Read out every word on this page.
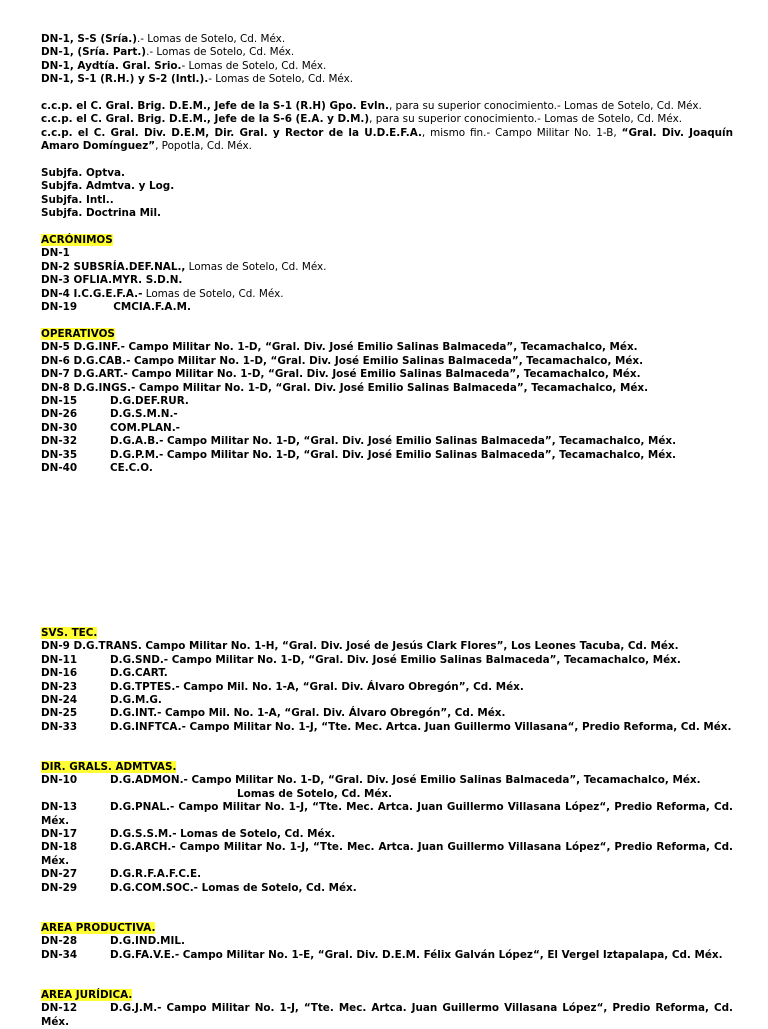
DN-1, S-S (Sría.).- Lomas de Sotelo, Cd. Méx.
DN-1, (Sría. Part.).- Lomas de Sotelo, Cd. Méx.
DN-1, Aydtía. Gral. Srio.- Lomas de Sotelo, Cd. Méx.
DN-1, S-1 (R.H.) y S-2 (Intl.).- Lomas de Sotelo, Cd. Méx.
c.c.p. el C. Gral. Brig. D.E.M., Jefe de la S-1 (R.H) Gpo. Evln., para su superior conocimiento.- Lomas de Sotelo, Cd. Méx.
c.c.p. el C. Gral. Brig. D.E.M., Jefe de la S-6 (E.A. y D.M.), para su superior conocimiento.- Lomas de Sotelo, Cd. Méx.
c.c.p. el C. Gral. Div. D.E.M, Dir. Gral. y Rector de la U.D.E.F.A., mismo fin.- Campo Militar No. 1-B, “Gral. Div. Joaquín Amaro Domínguez”, Popotla, Cd. Méx.
Subjfa. Optva.
Subjfa. Admtva. y Log.
Subjfa. Intl..
Subjfa. Doctrina Mil.
ACRÓNIMOS
DN-1
DN-2 SUBSRÍA.DEF.NAL., Lomas de Sotelo, Cd. Méx.
DN-3 OFLIA.MYR. S.D.N.
DN-4 I.C.G.E.F.A.- Lomas de Sotelo, Cd. Méx.
DN-19          CMCIA.F.A.M.
OPERATIVOS
DN-5 D.G.INF.- Campo Militar No. 1-D, “Gral. Div. José Emilio Salinas Balmaceda”, Tecamachalco, Méx.
DN-6 D.G.CAB.- Campo Militar No. 1-D, “Gral. Div. José Emilio Salinas Balmaceda”, Tecamachalco, Méx.
DN-7 D.G.ART.- Campo Militar No. 1-D, “Gral. Div. José Emilio Salinas Balmaceda”, Tecamachalco, Méx.
DN-8 D.G.INGS.- Campo Militar No. 1-D, “Gral. Div. José Emilio Salinas Balmaceda”, Tecamachalco, Méx.
DN-15	D.G.DEF.RUR.
DN-26	D.G.S.M.N.-
DN-30	COM.PLAN.-
DN-32	D.G.A.B.- Campo Militar No. 1-D, “Gral. Div. José Emilio Salinas Balmaceda”, Tecamachalco, Méx.
DN-35	D.G.P.M.- Campo Militar No. 1-D, “Gral. Div. José Emilio Salinas Balmaceda”, Tecamachalco, Méx.
DN-40	CE.C.O.
SVS. TEC.
DN-9 D.G.TRANS. Campo Militar No. 1-H, “Gral. Div. José de Jesús Clark Flores”, Los Leones Tacuba, Cd. Méx.
DN-11	D.G.SND.- Campo Militar No. 1-D, “Gral. Div. José Emilio Salinas Balmaceda”, Tecamachalco, Méx.
DN-16	D.G.CART.
DN-23	D.G.TPTES.- Campo Mil. No. 1-A, “Gral. Div. Álvaro Obregón”, Cd. Méx.
DN-24	D.G.M.G.
DN-25	D.G.INT.- Campo Mil. No. 1-A, “Gral. Div. Álvaro Obregón”, Cd. Méx.
DN-33	D.G.INFTCA.- Campo Militar No. 1-J, “Tte. Mec. Artca. Juan Guillermo Villasana“, Predio Reforma, Cd. Méx.
DIR. GRALS. ADMTVAS.
DN-10	D.G.ADMON.- Campo Militar No. 1-D, “Gral. Div. José Emilio Salinas Balmaceda”, Tecamachalco, Méx.
Lomas de Sotelo, Cd. Méx.
DN-13	D.G.PNAL.- Campo Militar No. 1-J, “Tte. Mec. Artca. Juan Guillermo Villasana López“, Predio Reforma, Cd. Méx.
DN-17	D.G.S.S.M.- Lomas de Sotelo, Cd. Méx.
DN-18	D.G.ARCH.- Campo Militar No. 1-J, “Tte. Mec. Artca. Juan Guillermo Villasana López“, Predio Reforma, Cd. Méx.
DN-27	D.G.R.F.A.F.C.E.
DN-29	D.G.COM.SOC.- Lomas de Sotelo, Cd. Méx.
AREA PRODUCTIVA.
DN-28	D.G.IND.MIL.
DN-34	D.G.FA.V.E.- Campo Militar No. 1-E, “Gral. Div. D.E.M. Félix Galván López“, El Vergel Iztapalapa, Cd. Méx.
AREA JURÍDICA.
DN-12	D.G.J.M.- Campo Militar No. 1-J, “Tte. Mec. Artca. Juan Guillermo Villasana López“, Predio Reforma, Cd. Méx.
